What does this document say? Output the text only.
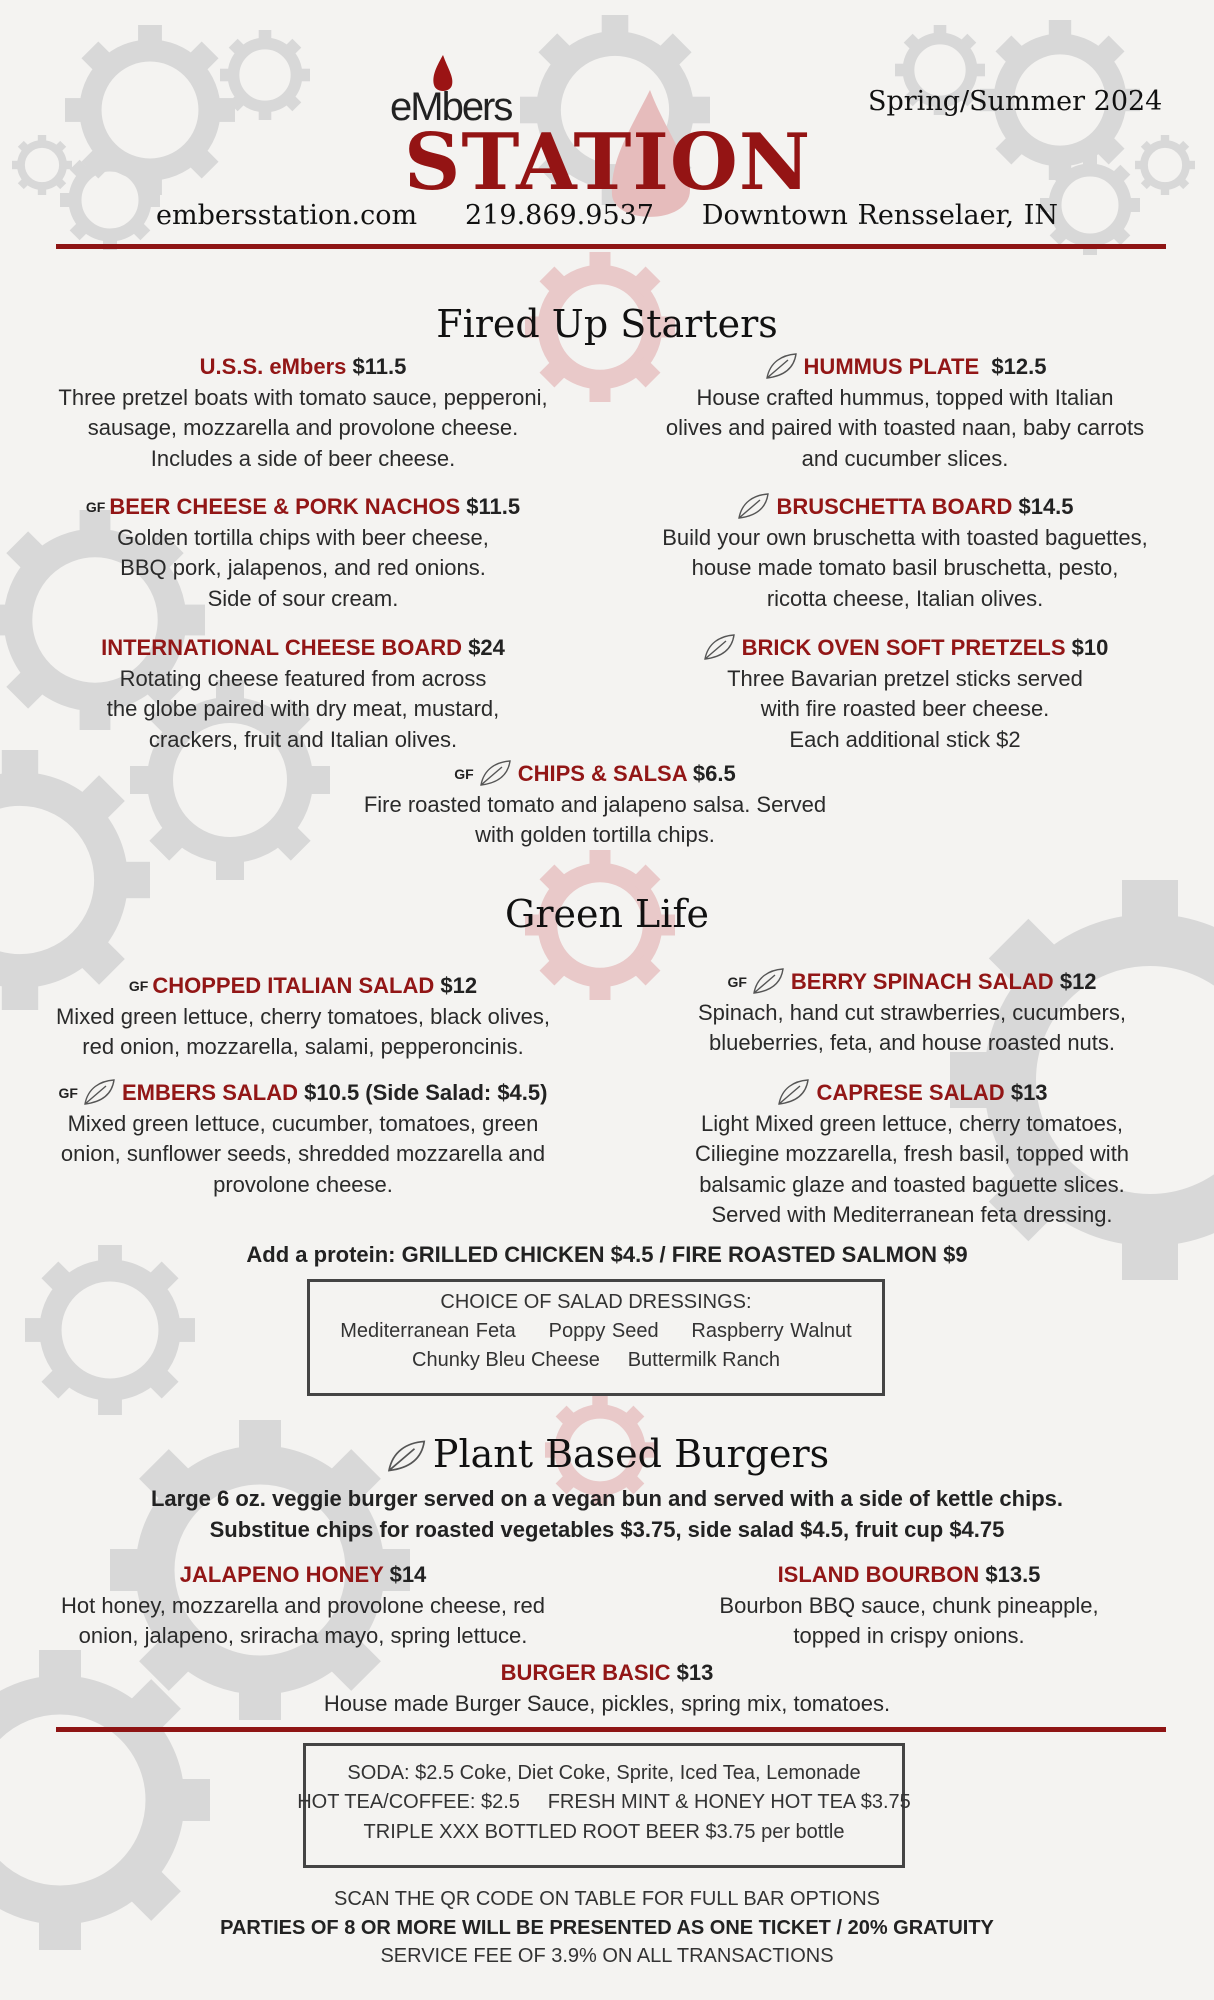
eMbers
STATION
Spring/Summer 2024
embersstation.com 219.869.9537 Downtown Rensselaer, IN
Fired Up Starters
U.S.S. eMbers $11.5
Three pretzel boats with tomato sauce, pepperoni,
sausage, mozzarella and provolone cheese.
Includes a side of beer cheese.
HUMMUS PLATE $12.5
House crafted hummus, topped with Italian
olives and paired with toasted naan, baby carrots
and cucumber slices.
GF BEER CHEESE & PORK NACHOS $11.5
Golden tortilla chips with beer cheese,
BBQ pork, jalapenos, and red onions.
Side of sour cream.
BRUSCHETTA BOARD $14.5
Build your own bruschetta with toasted baguettes,
house made tomato basil bruschetta, pesto,
ricotta cheese, Italian olives.
INTERNATIONAL CHEESE BOARD $24
Rotating cheese featured from across
the globe paired with dry meat, mustard,
crackers, fruit and Italian olives.
BRICK OVEN SOFT PRETZELS $10
Three Bavarian pretzel sticks served
with fire roasted beer cheese.
Each additional stick $2
GF CHIPS & SALSA $6.5
Fire roasted tomato and jalapeno salsa. Served
with golden tortilla chips.
Green Life
GF CHOPPED ITALIAN SALAD $12
Mixed green lettuce, cherry tomatoes, black olives,
red onion, mozzarella, salami, pepperoncinis.
GF BERRY SPINACH SALAD $12
Spinach, hand cut strawberries, cucumbers,
blueberries, feta, and house roasted nuts.
GF EMBERS SALAD $10.5 (Side Salad: $4.5)
Mixed green lettuce, cucumber, tomatoes, green
onion, sunflower seeds, shredded mozzarella and
provolone cheese.
CAPRESE SALAD $13
Light Mixed green lettuce, cherry tomatoes,
Ciliegine mozzarella, fresh basil, topped with
balsamic glaze and toasted baguette slices.
Served with Mediterranean feta dressing.
Add a protein: GRILLED CHICKEN $4.5 / FIRE ROASTED SALMON $9
CHOICE OF SALAD DRESSINGS:
Mediterranean Feta Poppy Seed Raspberry Walnut
Chunky Bleu Cheese Buttermilk Ranch
Plant Based Burgers
Large 6 oz. veggie burger served on a vegan bun and served with a side of kettle chips.
Substitue chips for roasted vegetables $3.75, side salad $4.5, fruit cup $4.75
JALAPENO HONEY $14
Hot honey, mozzarella and provolone cheese, red
onion, jalapeno, sriracha mayo, spring lettuce.
ISLAND BOURBON $13.5
Bourbon BBQ sauce, chunk pineapple,
topped in crispy onions.
BURGER BASIC $13
House made Burger Sauce, pickles, spring mix, tomatoes.
SODA: $2.5 Coke, Diet Coke, Sprite, Iced Tea, Lemonade
HOT TEA/COFFEE: $2.5 FRESH MINT & HONEY HOT TEA $3.75
TRIPLE XXX BOTTLED ROOT BEER $3.75 per bottle
SCAN THE QR CODE ON TABLE FOR FULL BAR OPTIONS
PARTIES OF 8 OR MORE WILL BE PRESENTED AS ONE TICKET / 20% GRATUITY
SERVICE FEE OF 3.9% ON ALL TRANSACTIONS
